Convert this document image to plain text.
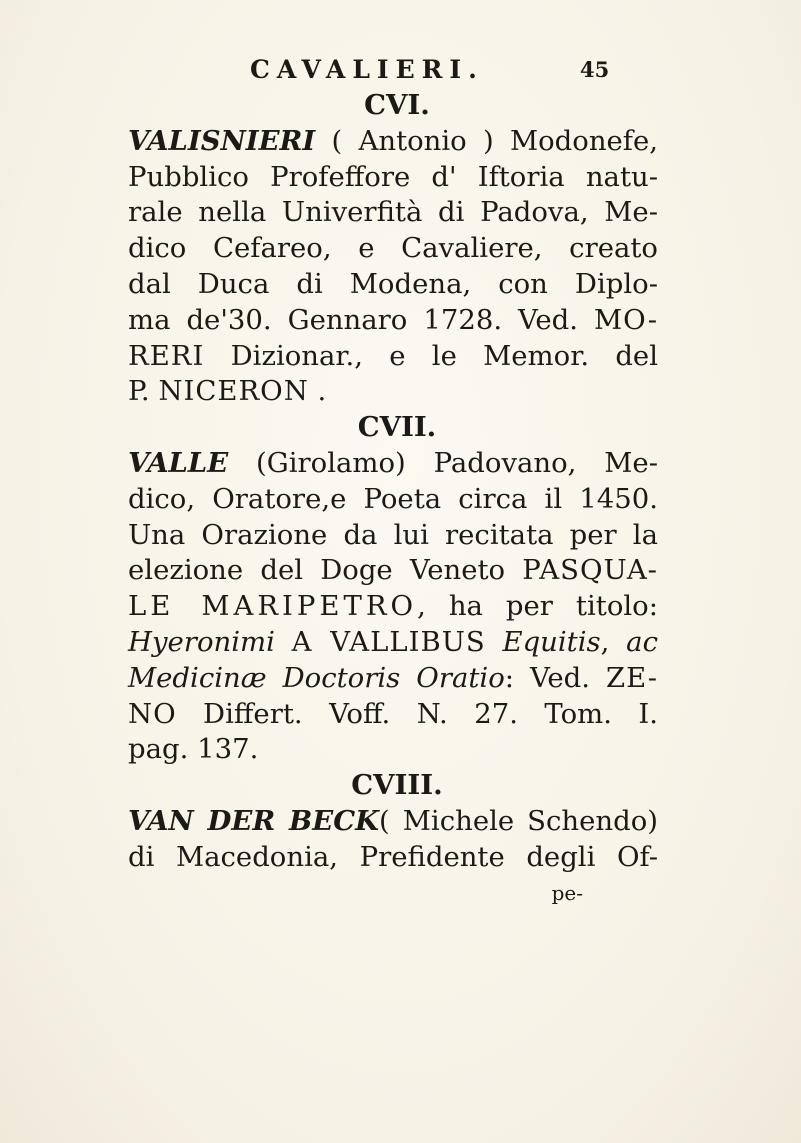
CAVALIERI.	45
CVI.
VALISNIERI ( Antonio ) Modonefe,
Pubblico Profeffore d' Iftoria natu-
rale nella Univerfità di Padova, Me-
dico Cefareo, e Cavaliere, creato
dal Duca di Modena, con Diplo-
ma de'30. Gennaro 1728. Ved. MO-
RERI Dizionar., e le Memor. del
P. NICERON .
CVII.
VALLE (Girolamo) Padovano, Me-
dico, Oratore,e Poeta circa il 1450.
Una Orazione da lui recitata per la
elezione del Doge Veneto PASQUA-
LE MARIPETRO, ha per titolo:
Hyeronimi A VALLIBUS Equitis, ac
Medicinæ Doctoris Oratio: Ved. ZE-
NO Differt. Voff. N. 27. Tom. I.
pag. 137.
CVIII.
VAN DER BECK( Michele Schendo)
di Macedonia, Prefidente degli Of-
pe-
